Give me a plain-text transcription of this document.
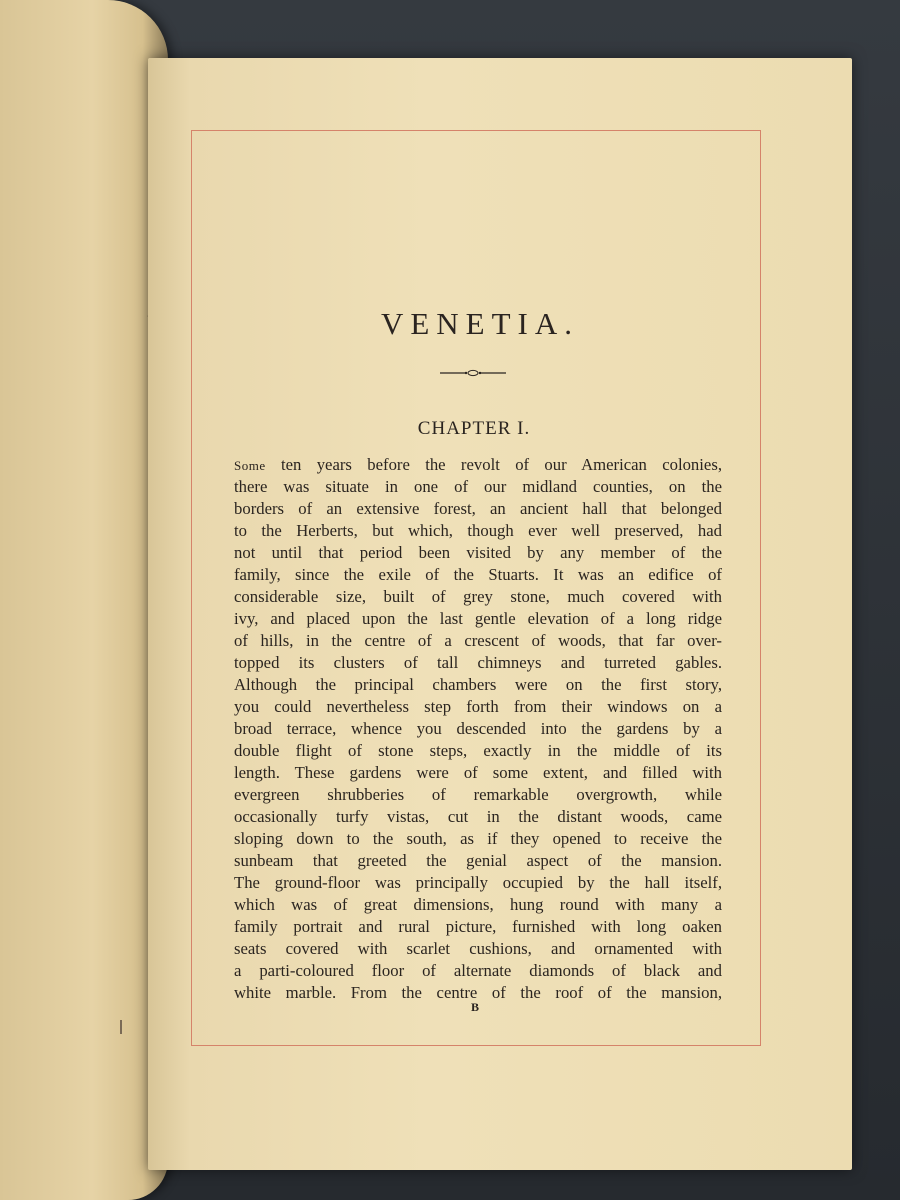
VENETIA.
CHAPTER I.
Some ten years before the revolt of our American colonies,
there was situate in one of our midland counties, on the
borders of an extensive forest, an ancient hall that belonged
to the Herberts, but which, though ever well preserved, had
not until that period been visited by any member of the
family, since the exile of the Stuarts. It was an edifice of
considerable size, built of grey stone, much covered with
ivy, and placed upon the last gentle elevation of a long ridge
of hills, in the centre of a crescent of woods, that far over-
topped its clusters of tall chimneys and turreted gables.
Although the principal chambers were on the first story,
you could nevertheless step forth from their windows on a
broad terrace, whence you descended into the gardens by a
double flight of stone steps, exactly in the middle of its
length. These gardens were of some extent, and filled with
evergreen shrubberies of remarkable overgrowth, while
occasionally turfy vistas, cut in the distant woods, came
sloping down to the south, as if they opened to receive the
sunbeam that greeted the genial aspect of the mansion.
The ground-floor was principally occupied by the hall itself,
which was of great dimensions, hung round with many a
family portrait and rural picture, furnished with long oaken
seats covered with scarlet cushions, and ornamented with
a parti-coloured floor of alternate diamonds of black and
white marble. From the centre of the roof of the mansion,
B
